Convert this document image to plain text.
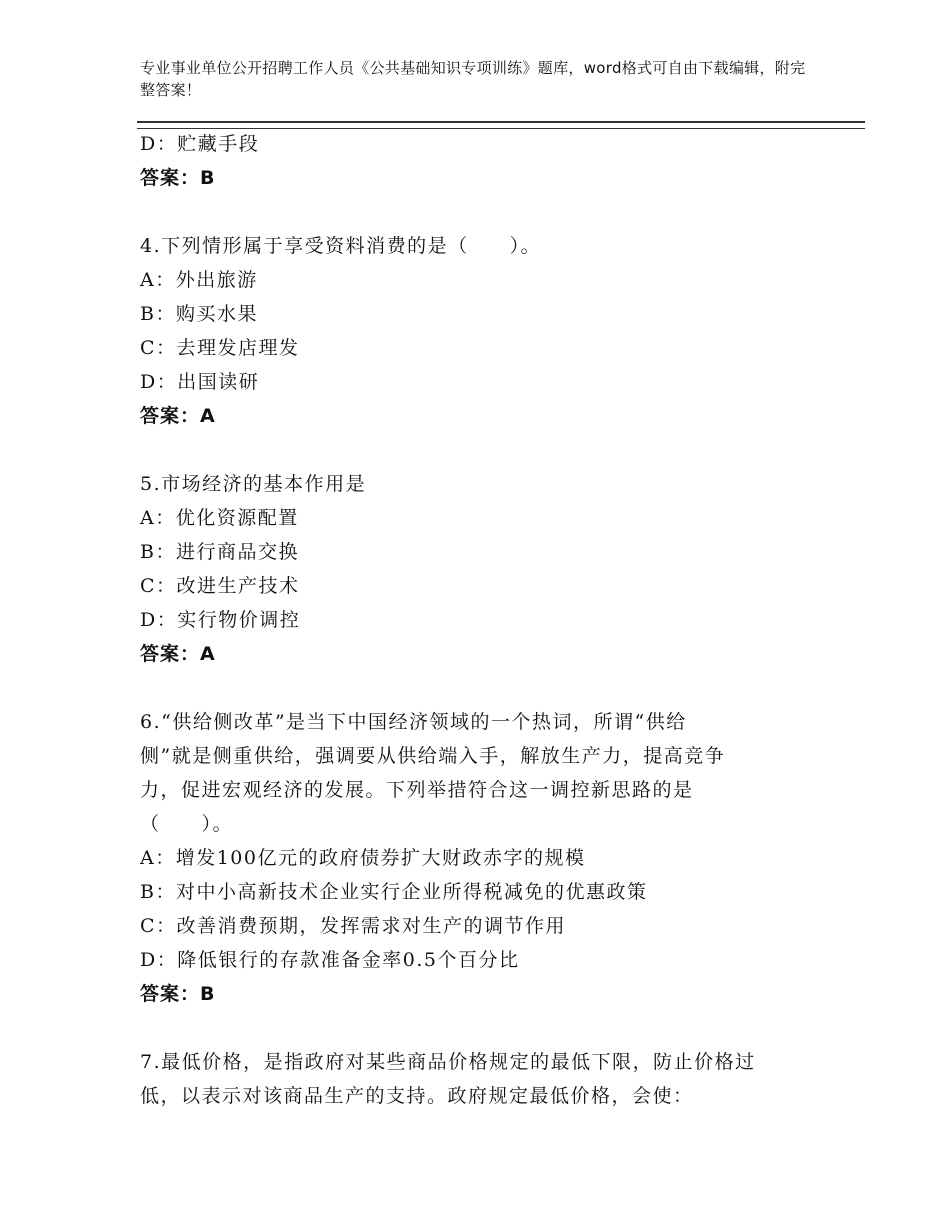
专业事业单位公开招聘工作人员《公共基础知识专项训练》题库，word格式可自由下载编辑，附完整答案！
D：贮藏手段
答案：B
4.下列情形属于享受资料消费的是（　　）。
A：外出旅游
B：购买水果
C：去理发店理发
D：出国读研
答案：A
5.市场经济的基本作用是
A：优化资源配置
B：进行商品交换
C：改进生产技术
D：实行物价调控
答案：A
6.“供给侧改革”是当下中国经济领域的一个热词，所谓“供给
侧”就是侧重供给，强调要从供给端入手，解放生产力，提高竞争
力，促进宏观经济的发展。下列举措符合这一调控新思路的是
（　　）。
A：增发100亿元的政府债券扩大财政赤字的规模
B：对中小高新技术企业实行企业所得税减免的优惠政策
C：改善消费预期，发挥需求对生产的调节作用
D：降低银行的存款准备金率0.5个百分比
答案：B
7.最低价格，是指政府对某些商品价格规定的最低下限，防止价格过
低，以表示对该商品生产的支持。政府规定最低价格，会使：
